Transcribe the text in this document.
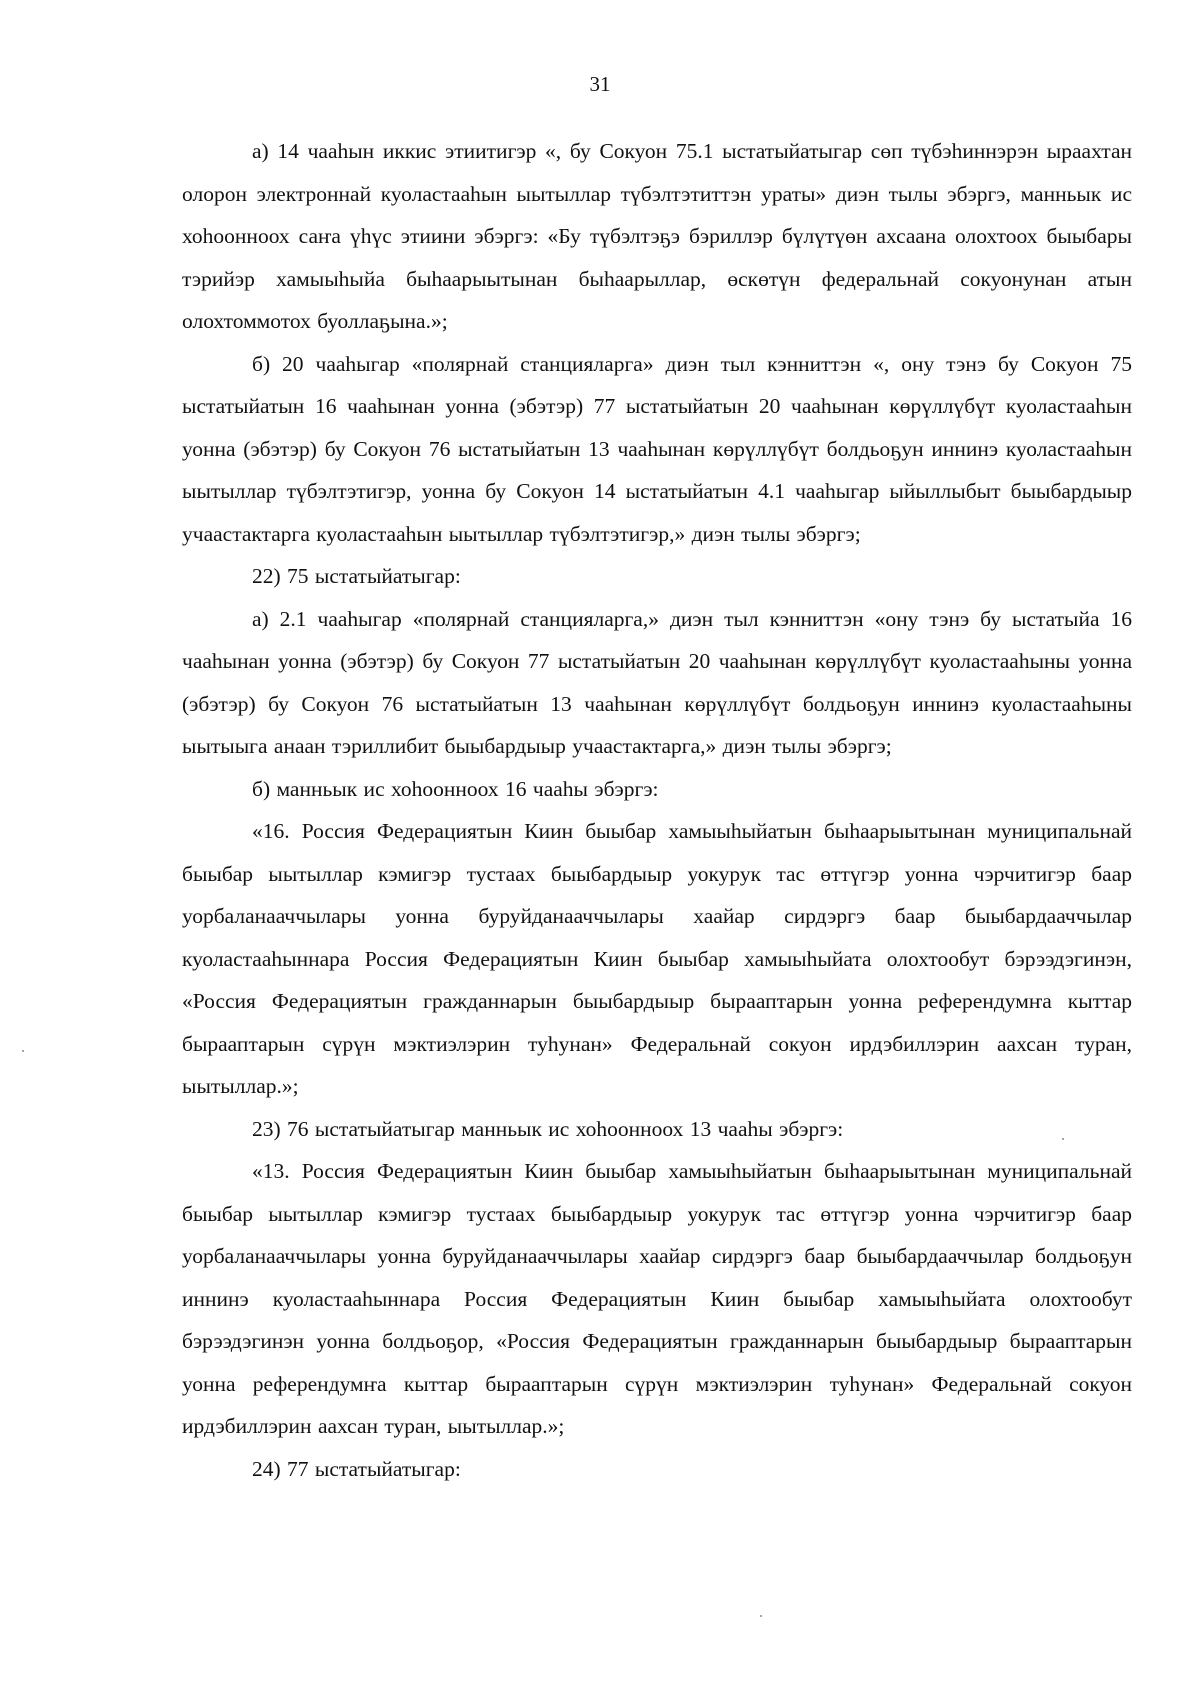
31

а) 14 чааһын иккис этиитигэр «, бу Сокуон 75.1 ыстатыйатыгар сөп түбэһиннэрэн ыраахтан олорон электроннай куоластааһын ыытыллар түбэлтэтиттэн ураты» диэн тылы эбэргэ, манньык ис хоһоонноох саҥа үһүс этиини эбэргэ: «Бу түбэлтэҕэ бэриллэр бүлүтүөн ахсаана олохтоох быыбары тэрийэр хамыыһыйа быһаарыытынан быһаарыллар, өскөтүн федеральнай сокуонунан атын олохтоммотох буоллаҕына.»;

б) 20 чааһыгар «полярнай станцияларга» диэн тыл кэнниттэн «, ону тэнэ бу Сокуон 75 ыстатыйатын 16 чааһынан уонна (эбэтэр) 77 ыстатыйатын 20 чааһынан көрүллүбүт куоластааһын уонна (эбэтэр) бу Сокуон 76 ыстатыйатын 13 чааһынан көрүллүбүт болдьоҕун иннинэ куоластааһын ыытыллар түбэлтэтигэр, уонна бу Сокуон 14 ыстатыйатын 4.1 чааһыгар ыйыллыбыт быыбардыыр учаастактарга куоластааһын ыытыллар түбэлтэтигэр,» диэн тылы эбэргэ;

22) 75 ыстатыйатыгар:

а) 2.1 чааһыгар «полярнай станцияларга,» диэн тыл кэнниттэн «ону тэнэ бу ыстатыйа 16 чааһынан уонна (эбэтэр) бу Сокуон 77 ыстатыйатын 20 чааһынан көрүллүбүт куоластааһыны уонна (эбэтэр) бу Сокуон 76 ыстатыйатын 13 чааһынан көрүллүбүт болдьоҕун иннинэ куоластааһыны ыытыыга анаан тэриллибит быыбардыыр учаастактарга,» диэн тылы эбэргэ;

б) манньык ис хоһоонноох 16 чааһы эбэргэ:

«16. Россия Федерациятын Киин быыбар хамыыһыйатын быһаарыытынан муниципальнай быыбар ыытыллар кэмигэр тустаах быыбардыыр уокурук тас өттүгэр уонна чэрчитигэр баар уорбаланааччылары уонна буруйданааччылары хаайар сирдэргэ баар быыбардааччылар куоластааһыннара Россия Федерациятын Киин быыбар хамыыһыйата олохтообут бэрээдэгинэн, «Россия Федерациятын гражданнарын быыбардыыр бырааптарын уонна референдумҥа кыттар бырааптарын сүрүн мэктиэлэрин туһунан» Федеральнай сокуон ирдэбиллэрин аахсан туран, ыытыллар.»;

23) 76 ыстатыйатыгар манньык ис хоһоонноох 13 чааһы эбэргэ:

«13. Россия Федерациятын Киин быыбар хамыыһыйатын быһаарыытынан муниципальнай быыбар ыытыллар кэмигэр тустаах быыбардыыр уокурук тас өттүгэр уонна чэрчитигэр баар уорбаланааччылары уонна буруйданааччылары хаайар сирдэргэ баар быыбардааччылар болдьоҕун иннинэ куоластааһыннара Россия Федерациятын Киин быыбар хамыыһыйата олохтообут бэрээдэгинэн уонна болдьоҕор, «Россия Федерациятын гражданнарын быыбардыыр бырааптарын уонна референдумҥа кыттар бырааптарын сүрүн мэктиэлэрин туһунан» Федеральнай сокуон ирдэбиллэрин аахсан туран, ыытыллар.»;

24) 77 ыстатыйатыгар:
